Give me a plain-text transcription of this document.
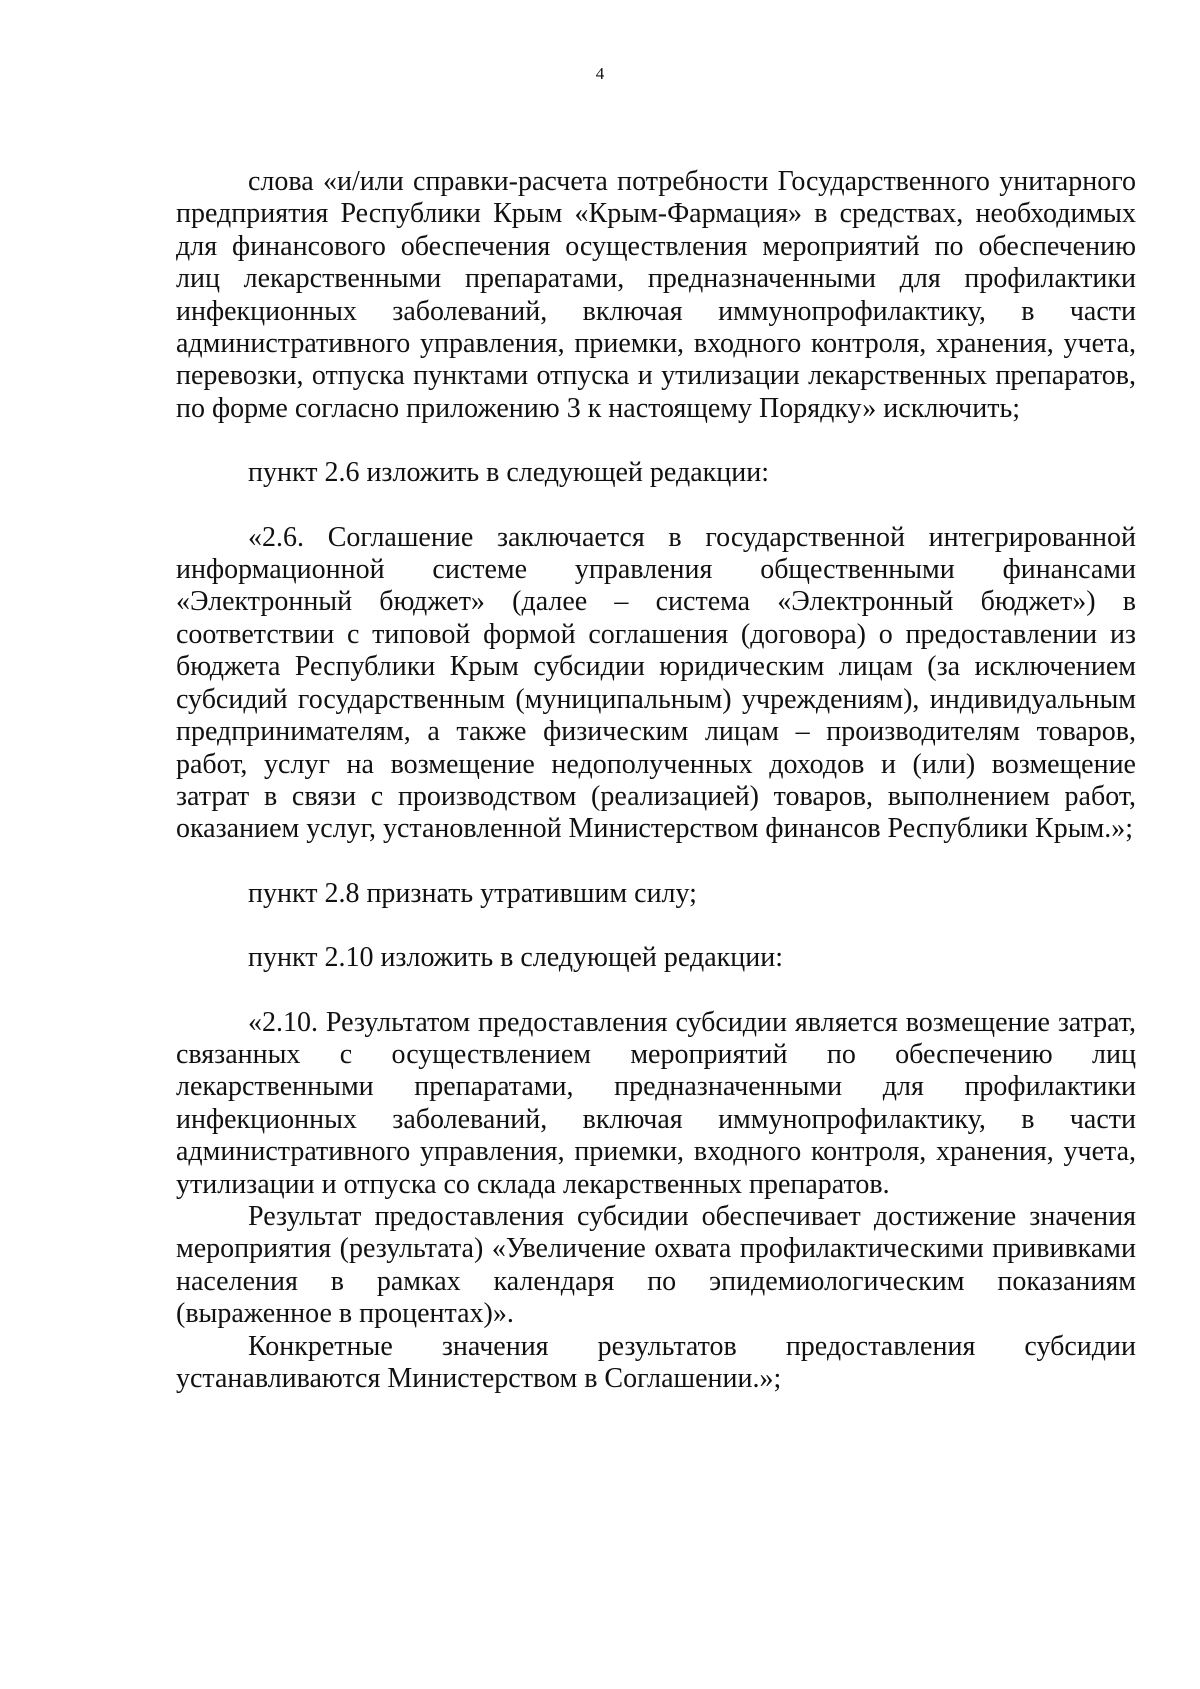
4

слова «и/или справки-расчета потребности Государственного унитарного предприятия Республики Крым «Крым-Фармация» в средствах, необходимых для финансового обеспечения осуществления мероприятий по обеспечению лиц лекарственными препаратами, предназначенными для профилактики инфекционных заболеваний, включая иммунопрофилактику, в части административного управления, приемки, входного контроля, хранения, учета, перевозки, отпуска пунктами отпуска и утилизации лекарственных препаратов, по форме согласно приложению 3 к настоящему Порядку» исключить;

пункт 2.6 изложить в следующей редакции:

«2.6. Соглашение заключается в государственной интегрированной информационной системе управления общественными финансами «Электронный бюджет» (далее – система «Электронный бюджет») в соответствии с типовой формой соглашения (договора) о предоставлении из бюджета Республики Крым субсидии юридическим лицам (за исключением субсидий государственным (муниципальным) учреждениям), индивидуальным предпринимателям, а также физическим лицам – производителям товаров, работ, услуг на возмещение недополученных доходов и (или) возмещение затрат в связи с производством (реализацией) товаров, выполнением работ, оказанием услуг, установленной Министерством финансов Республики Крым.»;

пункт 2.8 признать утратившим силу;

пункт 2.10 изложить в следующей редакции:

«2.10. Результатом предоставления субсидии является возмещение затрат, связанных с осуществлением мероприятий по обеспечению лиц лекарственными препаратами, предназначенными для профилактики инфекционных заболеваний, включая иммунопрофилактику, в части административного управления, приемки, входного контроля, хранения, учета, утилизации и отпуска со склада лекарственных препаратов.

Результат предоставления субсидии обеспечивает достижение значения мероприятия (результата) «Увеличение охвата профилактическими прививками населения в рамках календаря по эпидемиологическим показаниям (выраженное в процентах)».

Конкретные значения результатов предоставления субсидии устанавливаются Министерством в Соглашении.»;
